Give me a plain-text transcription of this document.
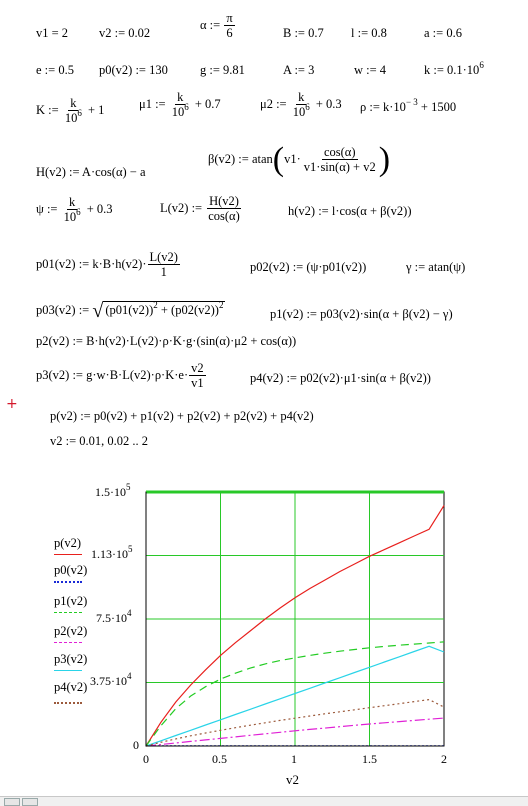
v1 = 2 v2 := 0.02
α := $\frac{\pi}{6}$	B := 0.7 l := 0.8	a := 0.6
e := 0.5 p0(v2) := 130	g := 9.81	A := 3	w := 4	k := $0.1\cdot 10^6$
K := $\frac{k}{10^6} + 1$	μ1 := $\frac{k}{10^6} + 0.7$	μ2 := $\frac{k}{10^6} + 0.3$ ρ := $k\cdot 10^{- 3} + 1500$
H(v2) := A·cos(α) − a
β(v2) := $atan(v1\cdot \frac{\cos(\alpha)}{v1\cdot\sin(\alpha) + v2}$ )
ψ := $\frac{k}{10^6} + 0.3$	L(v2) := $\frac{H(v2)}{\cos(\alpha)}$	h(v2) := l·cos(α + β(v2))
p01(v2) := $k\cdot B\cdot h(v2)\cdot \frac{L(v2)}{1}$	p02(v2) := (ψ·p01(v2))	γ := atan(ψ)
p03(v2) := √ $(p01(v2))^2 + (p02(v2))^2$
p1(v2) := p03(v2)·sin(α + β(v2) − γ)
p2(v2) := B·h(v2)·L(v2)·ρ·K·g·(sin(α)·μ2 + cos(α))
p3(v2) := $g\cdot w\cdot B\cdot L(v2)\cdot\rho\cdot K\cdot e\cdot \frac{v2}{v1}$	p4(v2) := p02(v2)·μ1·sin(α + β(v2))
+
p(v2) := p0(v2) + p1(v2) + p2(v2) + p2(v2) + p4(v2)
v2 := 0.01, 0.02 .. 2
$1.5\cdot 10^5$
$1.13\cdot 10^5$
$7.5\cdot 10^4$
$3.75\cdot 10^4$
0
0	0.5	1	1.5	2
v2
p(v2)
p0(v2)
p1(v2)
p2(v2)
p3(v2)
p4(v2)
